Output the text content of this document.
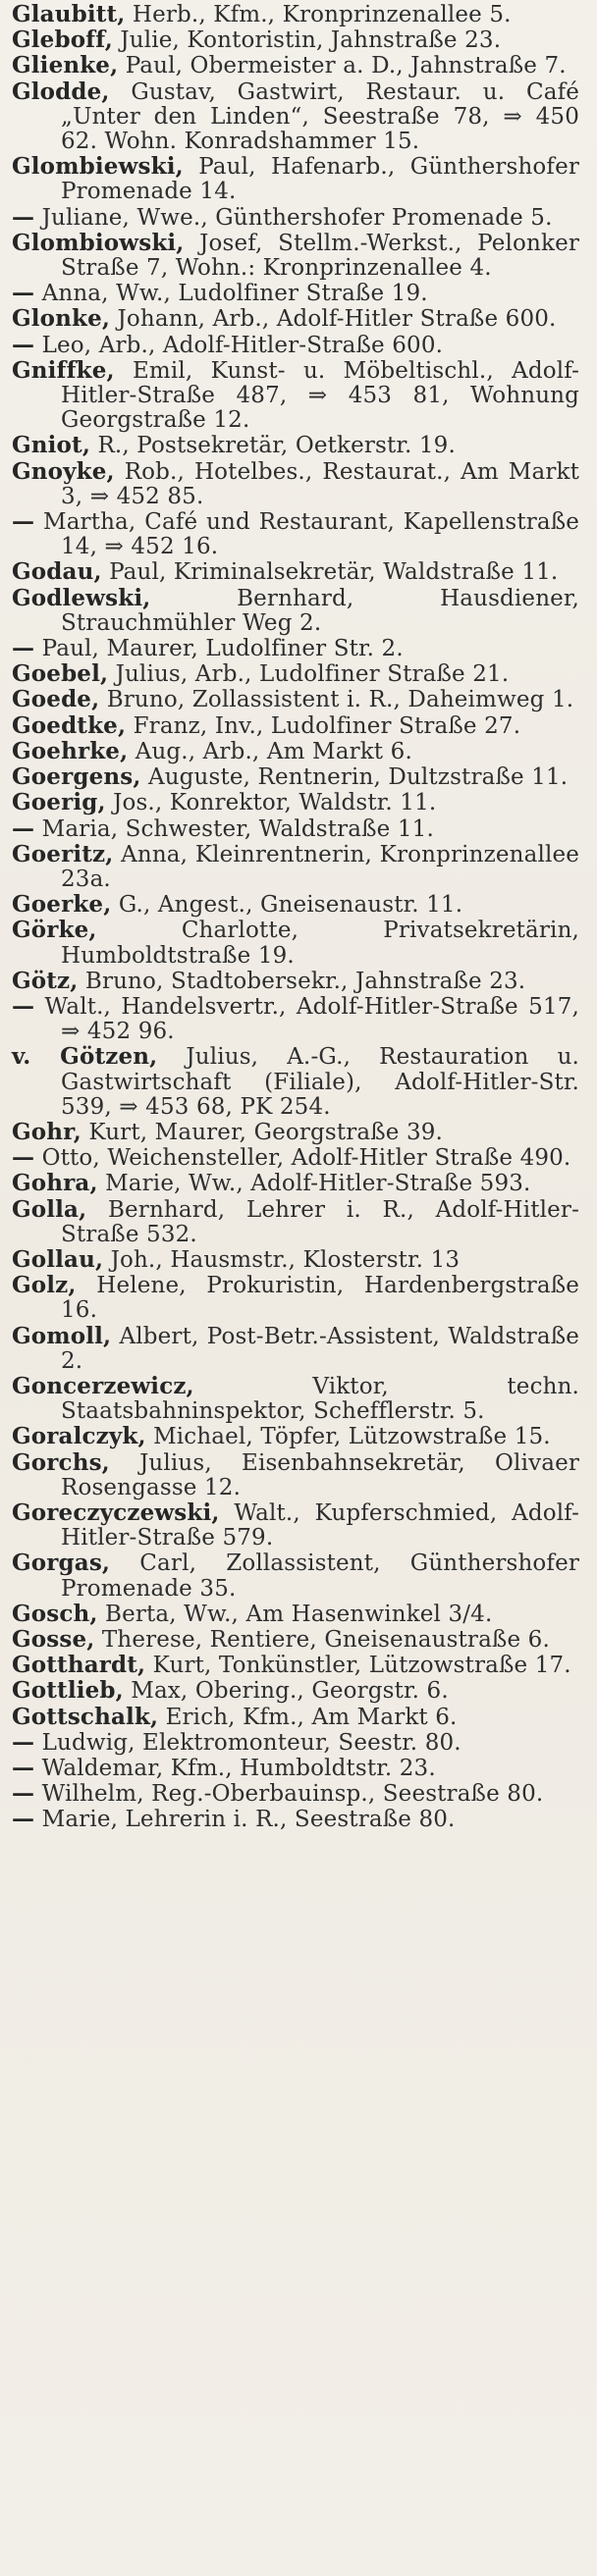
Glaubitt, Herb., Kfm., Kronprinzenallee 5.
Gleboff, Julie, Kontoristin, Jahnstraße 23.
Glienke, Paul, Obermeister a. D., Jahnstraße 7.
Glodde, Gustav, Gastwirt, Restaur. u. Café „Unter den Linden“, Seestraße 78, ⇒ 450 62. Wohn. Konradshammer 15.
Glombiewski, Paul, Hafenarb., Günthershofer Promenade 14.
— Juliane, Wwe., Günthershofer Promenade 5.
Glombiowski, Josef, Stellm.-Werkst., Pelonker Straße 7, Wohn.: Kronprinzenallee 4.
— Anna, Ww., Ludolfiner Straße 19.
Glonke, Johann, Arb., Adolf-Hitler Straße 600.
— Leo, Arb., Adolf-Hitler-Straße 600.
Gniffke, Emil, Kunst- u. Möbeltischl., Adolf-Hitler-Straße 487, ⇒ 453 81, Wohnung Georgstraße 12.
Gniot, R., Postsekretär, Oetkerstr. 19.
Gnoyke, Rob., Hotelbes., Restaurat., Am Markt 3, ⇒ 452 85.
— Martha, Café und Restaurant, Kapellenstraße 14, ⇒ 452 16.
Godau, Paul, Kriminalsekretär, Waldstraße 11.
Godlewski, Bernhard, Hausdiener, Strauchmühler Weg 2.
— Paul, Maurer, Ludolfiner Str. 2.
Goebel, Julius, Arb., Ludolfiner Straße 21.
Goede, Bruno, Zollassistent i. R., Daheimweg 1.
Goedtke, Franz, Inv., Ludolfiner Straße 27.
Goehrke, Aug., Arb., Am Markt 6.
Goergens, Auguste, Rentnerin, Dultzstraße 11.
Goerig, Jos., Konrektor, Waldstr. 11.
— Maria, Schwester, Waldstraße 11.
Goeritz, Anna, Kleinrentnerin, Kronprinzenallee 23a.
Goerke, G., Angest., Gneisenaustr. 11.
Görke, Charlotte, Privatsekretärin, Humboldtstraße 19.
Götz, Bruno, Stadtobersekr., Jahnstraße 23.
— Walt., Handelsvertr., Adolf-Hitler-Straße 517, ⇒ 452 96.
v. Götzen, Julius, A.-G., Restauration u. Gastwirtschaft (Filiale), Adolf-Hitler-Str. 539, ⇒ 453 68, PK 254.
Gohr, Kurt, Maurer, Georgstraße 39.
— Otto, Weichensteller, Adolf-Hitler Straße 490.
Gohra, Marie, Ww., Adolf-Hitler-Straße 593.
Golla, Bernhard, Lehrer i. R., Adolf-Hitler-Straße 532.
Gollau, Joh., Hausmstr., Klosterstr. 13
Golz, Helene, Prokuristin, Hardenbergstraße 16.
Gomoll, Albert, Post-Betr.-Assistent, Waldstraße 2.
Goncerzewicz, Viktor, techn. Staatsbahninspektor, Schefflerstr. 5.
Goralczyk, Michael, Töpfer, Lützowstraße 15.
Gorchs, Julius, Eisenbahnsekretär, Olivaer Rosengasse 12.
Goreczyczewski, Walt., Kupferschmied, Adolf-Hitler-Straße 579.
Gorgas, Carl, Zollassistent, Günthershofer Promenade 35.
Gosch, Berta, Ww., Am Hasenwinkel 3/4.
Gosse, Therese, Rentiere, Gneisenaustraße 6.
Gotthardt, Kurt, Tonkünstler, Lützowstraße 17.
Gottlieb, Max, Obering., Georgstr. 6.
Gottschalk, Erich, Kfm., Am Markt 6.
— Ludwig, Elektromonteur, Seestr. 80.
— Waldemar, Kfm., Humboldtstr. 23.
— Wilhelm, Reg.-Oberbauinsp., Seestraße 80.
— Marie, Lehrerin i. R., Seestraße 80.
